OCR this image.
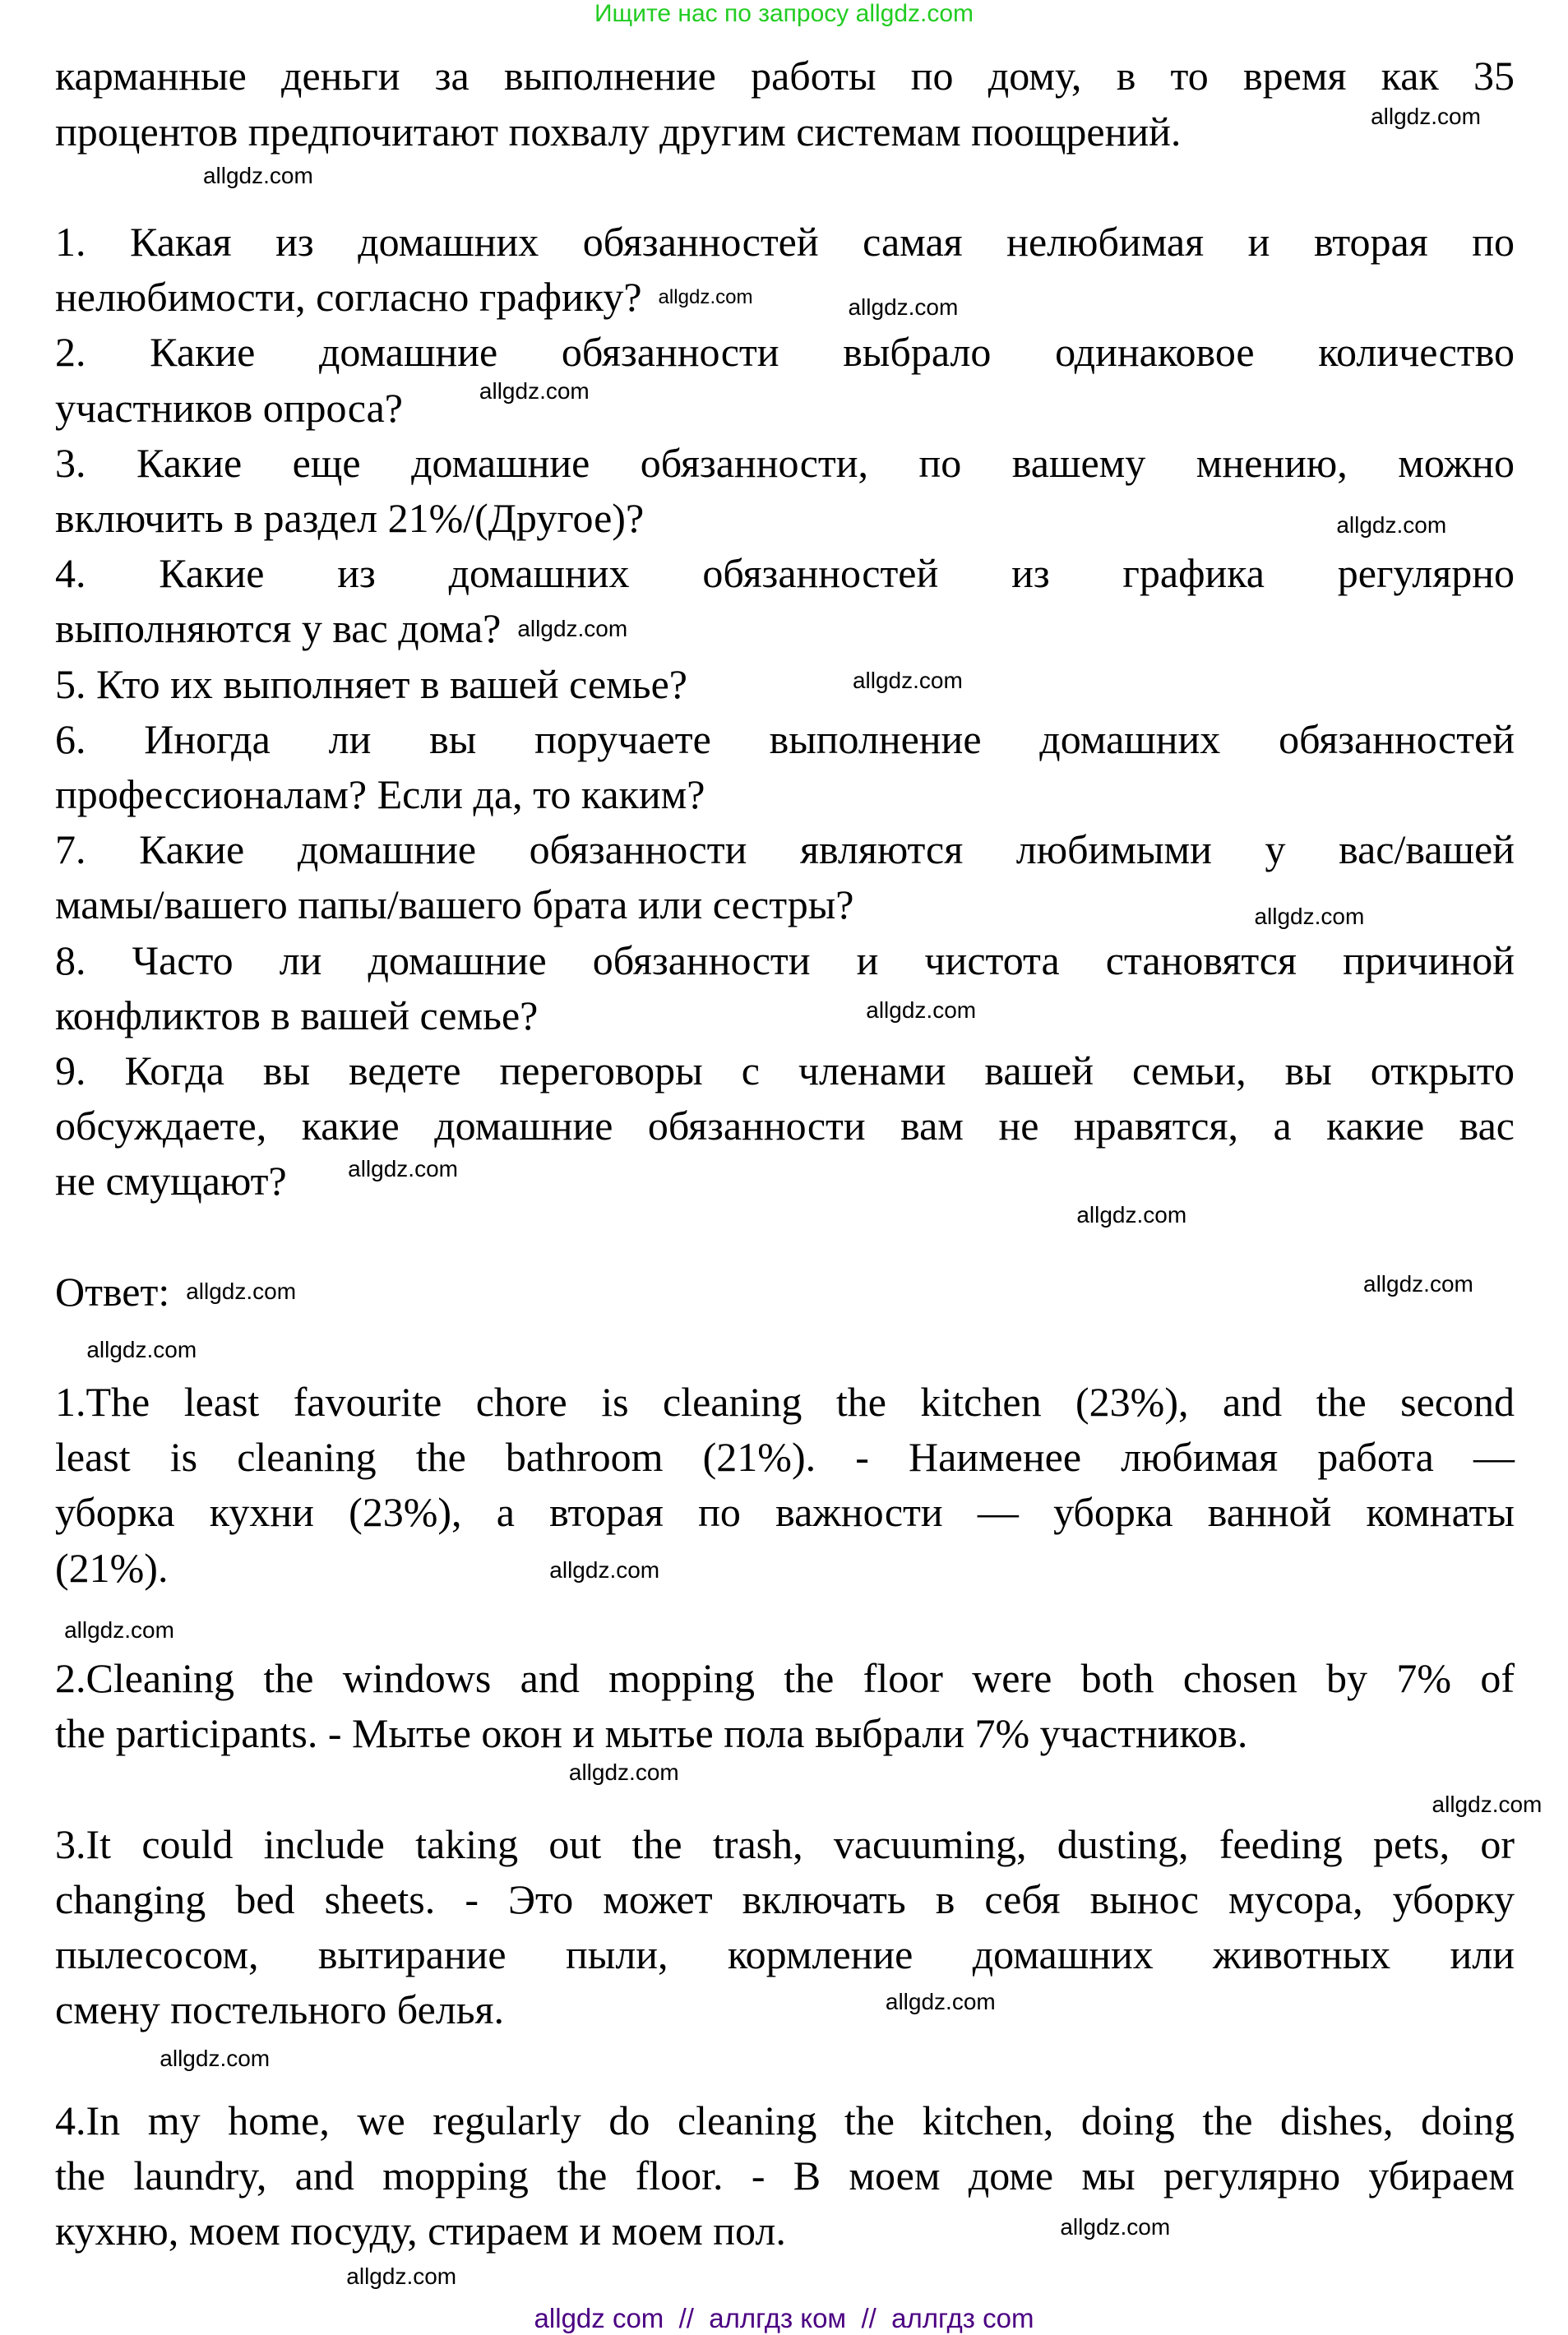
Ищите нас по запросу allgdz.com
карманные деньги за выполнение работы по дому, в то время как 35
процентов предпочитают похвалу другим системам поощрений.
1. Какая из домашних обязанностей самая нелюбимая и вторая по
нелюбимости, согласно графику?
2. Какие домашние обязанности выбрало одинаковое количество
участников опроса?
3. Какие еще домашние обязанности, по вашему мнению, можно
включить в раздел 21%/(Другое)?
4. Какие из домашних обязанностей из графика регулярно
выполняются у вас дома?
5. Кто их выполняет в вашей семье?
6. Иногда ли вы поручаете выполнение домашних обязанностей
профессионалам? Если да, то каким?
7. Какие домашние обязанности являются любимыми у вас/вашей
мамы/вашего папы/вашего брата или сестры?
8. Часто ли домашние обязанности и чистота становятся причиной
конфликтов в вашей семье?
9. Когда вы ведете переговоры с членами вашей семьи, вы открыто
обсуждаете, какие домашние обязанности вам не нравятся, а какие вас
не смущают?
Ответ:
1.The least favourite chore is cleaning the kitchen (23%), and the second
least is cleaning the bathroom (21%). - Наименее любимая работа —
уборка кухни (23%), а вторая по важности — уборка ванной комнаты
(21%).
2.Cleaning the windows and mopping the floor were both chosen by 7% of
the participants. - Мытье окон и мытье пола выбрали 7% участников.
3.It could include taking out the trash, vacuuming, dusting, feeding pets, or
changing bed sheets. - Это может включать в себя вынос мусора, уборку
пылесосом, вытирание пыли, кормление домашних животных или
смену постельного белья.
4.In my home, we regularly do cleaning the kitchen, doing the dishes, doing
the laundry, and mopping the floor. - В моем доме мы регулярно убираем
кухню, моем посуду, стираем и моем пол.
allgdz.com
allgdz.com
allgdz.com
allgdz.com
allgdz.com
allgdz.com
allgdz.com
allgdz.com
allgdz.com
allgdz.com
allgdz.com
allgdz.com
allgdz.com
allgdz.com
allgdz.com
allgdz.com
allgdz.com
allgdz.com
allgdz.com
allgdz.com
allgdz.com
allgdz.com
allgdz.com
allgdz com  //  аллгдз ком  //  аллгдз com
